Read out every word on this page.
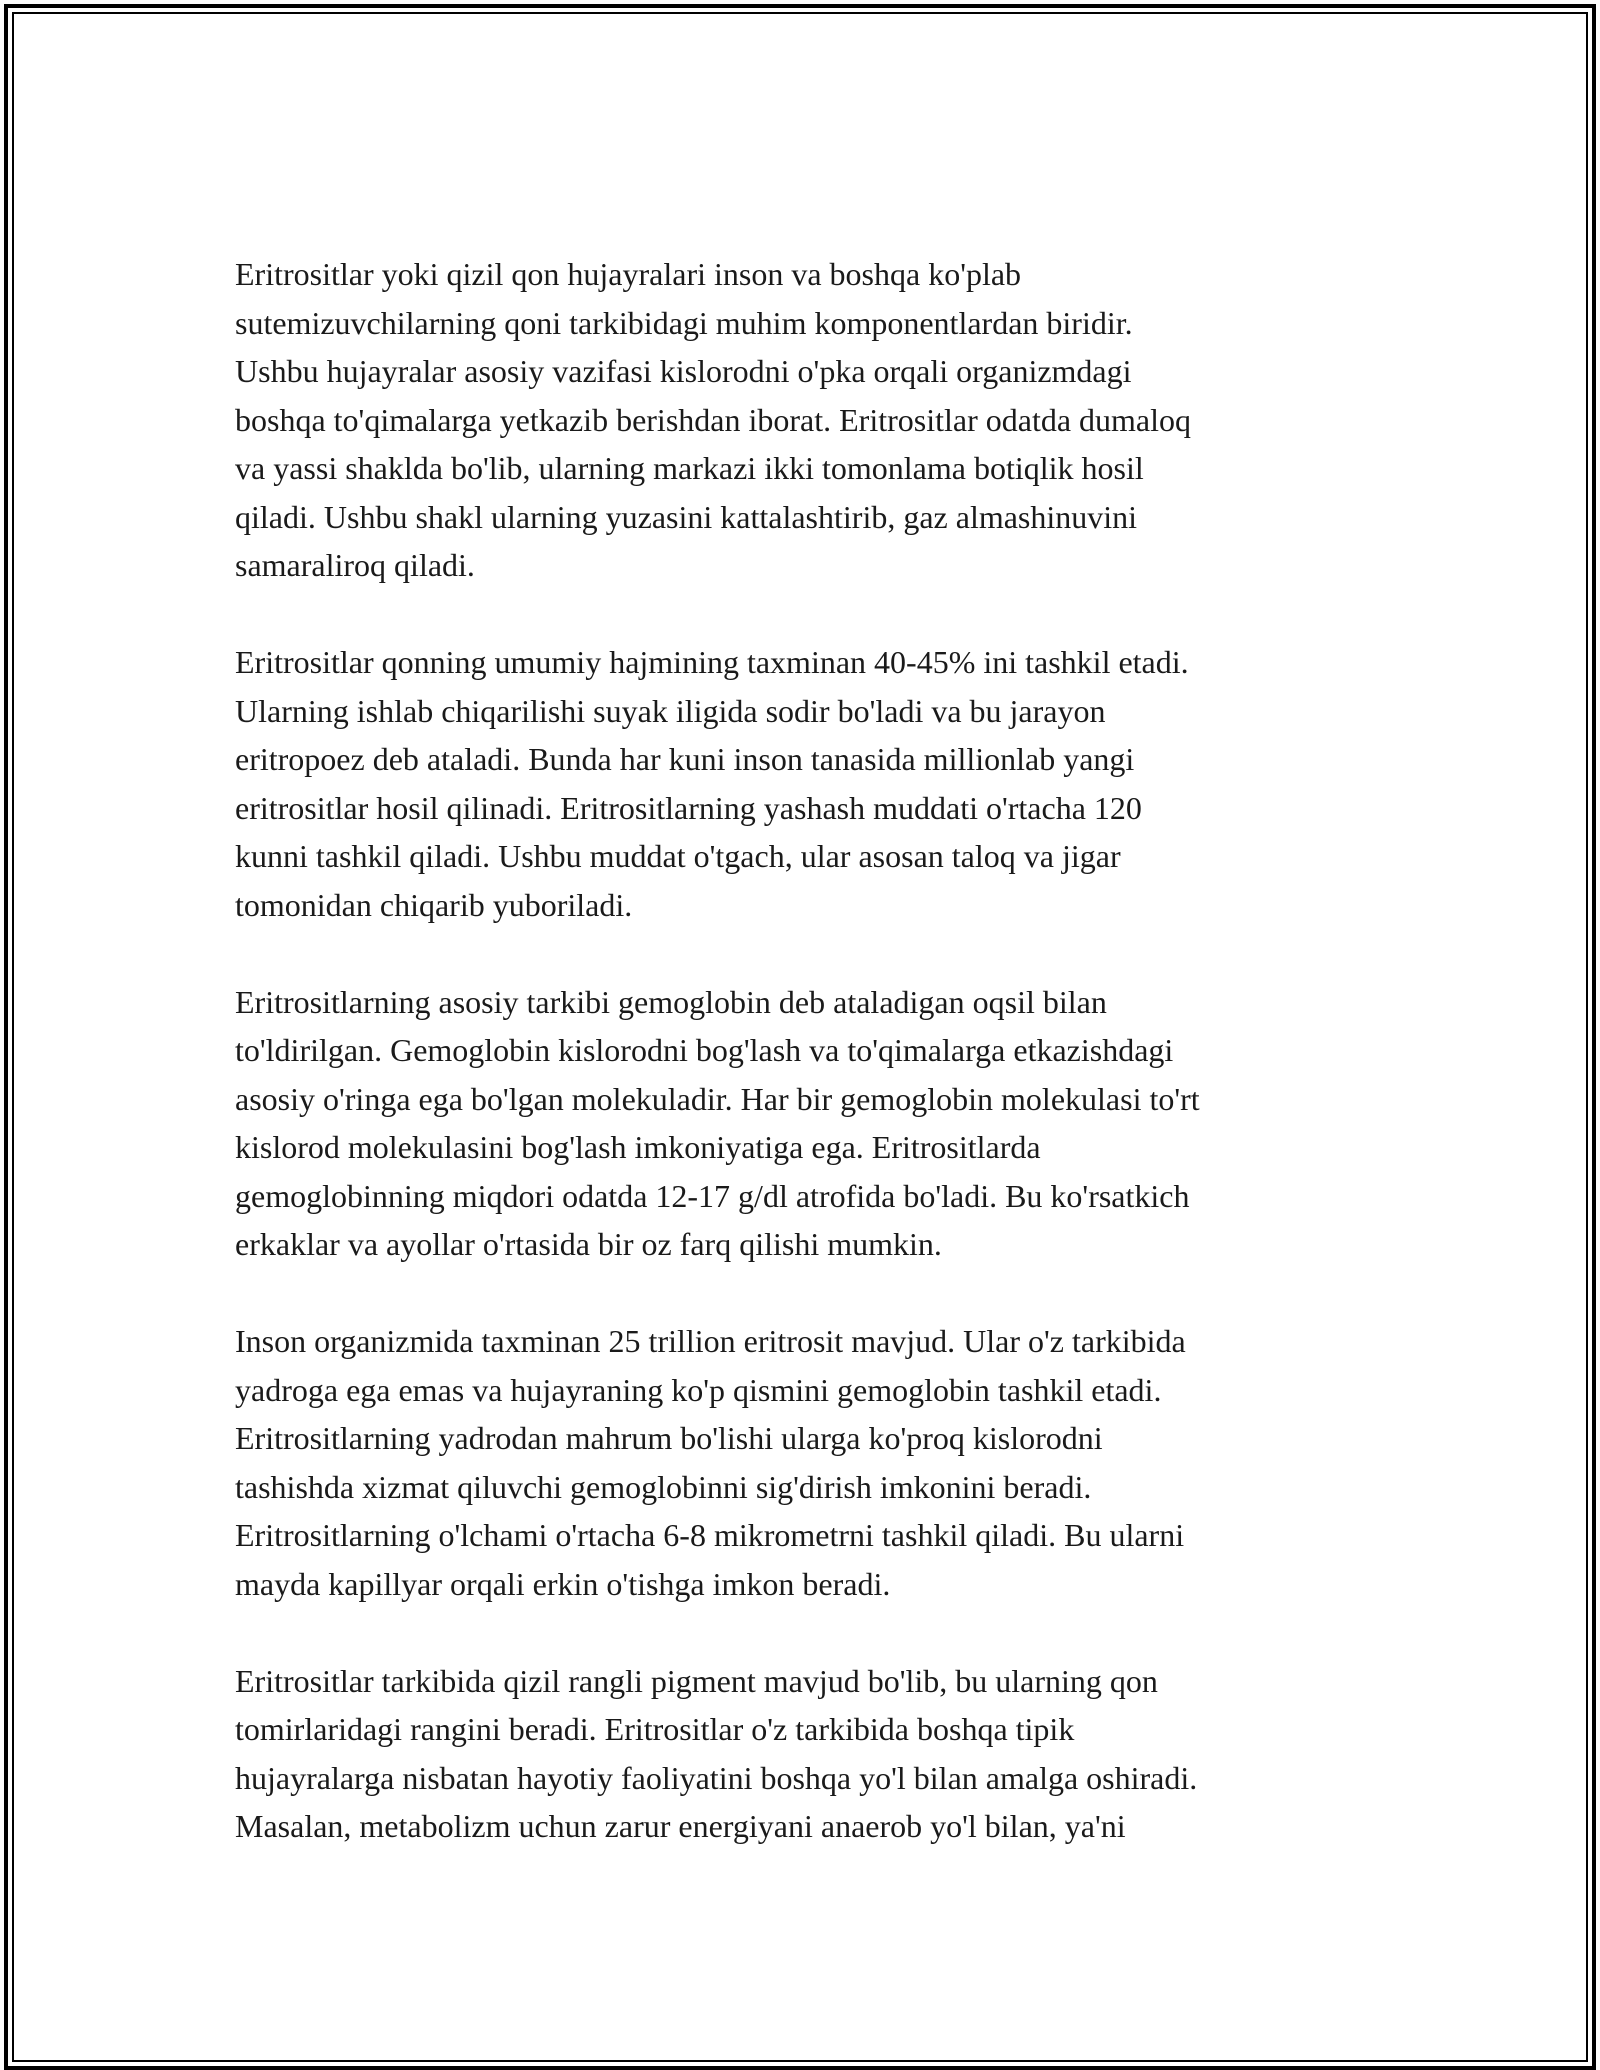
Eritrositlar yoki qizil qon hujayralari inson va boshqa ko'plab
sutemizuvchilarning qoni tarkibidagi muhim komponentlardan biridir.
Ushbu hujayralar asosiy vazifasi kislorodni o'pka orqali organizmdagi
boshqa to'qimalarga yetkazib berishdan iborat. Eritrositlar odatda dumaloq
va yassi shaklda bo'lib, ularning markazi ikki tomonlama botiqlik hosil
qiladi. Ushbu shakl ularning yuzasini kattalashtirib, gaz almashinuvini
samaraliroq qiladi.

Eritrositlar qonning umumiy hajmining taxminan 40-45% ini tashkil etadi.
Ularning ishlab chiqarilishi suyak iligida sodir bo'ladi va bu jarayon
eritropoez deb ataladi. Bunda har kuni inson tanasida millionlab yangi
eritrositlar hosil qilinadi. Eritrositlarning yashash muddati o'rtacha 120
kunni tashkil qiladi. Ushbu muddat o'tgach, ular asosan taloq va jigar
tomonidan chiqarib yuboriladi.

Eritrositlarning asosiy tarkibi gemoglobin deb ataladigan oqsil bilan
to'ldirilgan. Gemoglobin kislorodni bog'lash va to'qimalarga etkazishdagi
asosiy o'ringa ega bo'lgan molekuladir. Har bir gemoglobin molekulasi to'rt
kislorod molekulasini bog'lash imkoniyatiga ega. Eritrositlarda
gemoglobinning miqdori odatda 12-17 g/dl atrofida bo'ladi. Bu ko'rsatkich
erkaklar va ayollar o'rtasida bir oz farq qilishi mumkin.

Inson organizmida taxminan 25 trillion eritrosit mavjud. Ular o'z tarkibida
yadroga ega emas va hujayraning ko'p qismini gemoglobin tashkil etadi.
Eritrositlarning yadrodan mahrum bo'lishi ularga ko'proq kislorodni
tashishda xizmat qiluvchi gemoglobinni sig'dirish imkonini beradi.
Eritrositlarning o'lchami o'rtacha 6-8 mikrometrni tashkil qiladi. Bu ularni
mayda kapillyar orqali erkin o'tishga imkon beradi.

Eritrositlar tarkibida qizil rangli pigment mavjud bo'lib, bu ularning qon
tomirlaridagi rangini beradi. Eritrositlar o'z tarkibida boshqa tipik
hujayralarga nisbatan hayotiy faoliyatini boshqa yo'l bilan amalga oshiradi.
Masalan, metabolizm uchun zarur energiyani anaerob yo'l bilan, ya'ni
